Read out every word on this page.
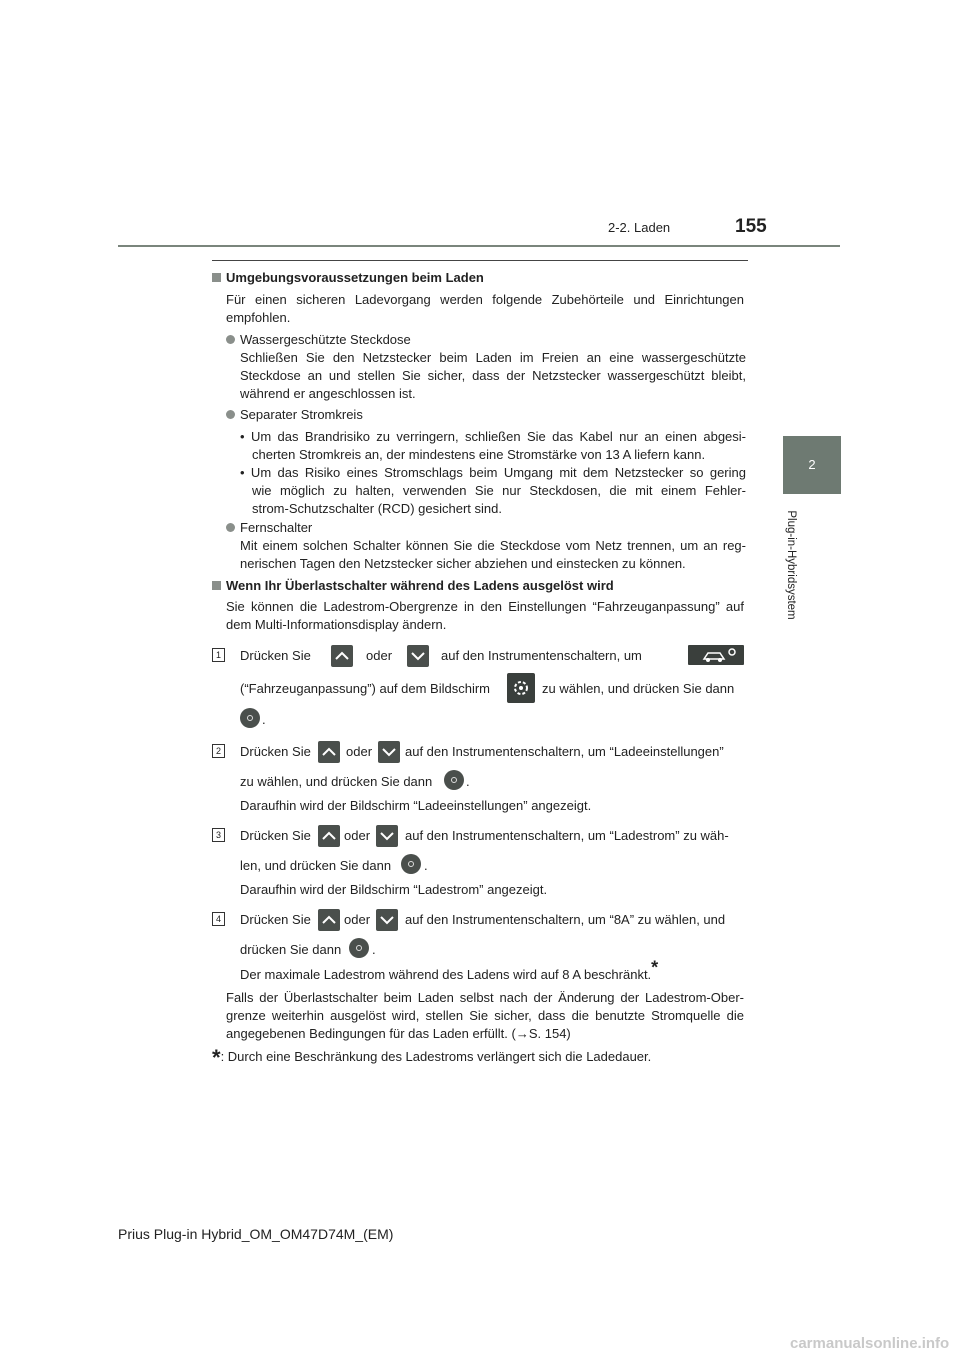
2-2. Laden	155
2
Plug-in-Hybridsystem
Umgebungsvoraussetzungen beim Laden
Für einen sicheren Ladevorgang werden folgende Zubehörteile und Einrichtungen
empfohlen.
Wassergeschützte Steckdose
Schließen Sie den Netzstecker beim Laden im Freien an eine wassergeschützte
Steckdose an und stellen Sie sicher, dass der Netzstecker wassergeschützt bleibt,
während er angeschlossen ist.
Separater Stromkreis
• Um das Brandrisiko zu verringern, schließen Sie das Kabel nur an einen abgesi-
cherten Stromkreis an, der mindestens eine Stromstärke von 13 A liefern kann.
• Um das Risiko eines Stromschlags beim Umgang mit dem Netzstecker so gering
wie möglich zu halten, verwenden Sie nur Steckdosen, die mit einem Fehler-
strom-Schutzschalter (RCD) gesichert sind.
Fernschalter
Mit einem solchen Schalter können Sie die Steckdose vom Netz trennen, um an reg-
nerischen Tagen den Netzstecker sicher abziehen und einstecken zu können.
Wenn Ihr Überlastschalter während des Ladens ausgelöst wird
Sie können die Ladestrom-Obergrenze in den Einstellungen “Fahrzeuganpassung” auf
dem Multi-Informationsdisplay ändern.
1	Drücken Sie	oder	auf den Instrumentenschaltern, um
(“Fahrzeuganpassung”) auf dem Bildschirm	zu wählen, und drücken Sie dann
.
2	Drücken Sie	oder	auf den Instrumentenschaltern, um “Ladeeinstellungen”
zu wählen, und drücken Sie dann	.
Daraufhin wird der Bildschirm “Ladeeinstellungen” angezeigt.
3	Drücken Sie	oder	auf den Instrumentenschaltern, um “Ladestrom” zu wäh-
len, und drücken Sie dann	.
Daraufhin wird der Bildschirm “Ladestrom” angezeigt.
4	Drücken Sie	oder	auf den Instrumentenschaltern, um “8A” zu wählen, und
drücken Sie dann .
Der maximale Ladestrom während des Ladens wird auf 8 A beschränkt.*
Falls der Überlastschalter beim Laden selbst nach der Änderung der Ladestrom-Ober-
grenze weiterhin ausgelöst wird, stellen Sie sicher, dass die benutzte Stromquelle die
angegebenen Bedingungen für das Laden erfüllt. (→S. 154)
*: Durch eine Beschränkung des Ladestroms verlängert sich die Ladedauer.
Prius Plug-in Hybrid_OM_OM47D74M_(EM)
carmanualsonline.info
